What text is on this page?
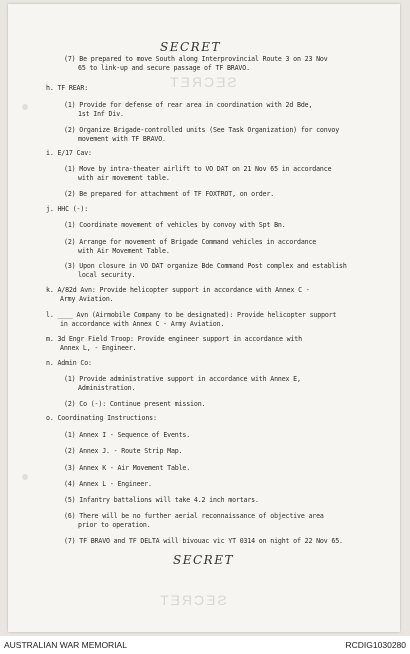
SECRET
SECRET
SECRET
(7) Be prepared to move South along Interprovincial Route 3 on 23 Nov
65 to link-up and secure passage of TF BRAVO.
h. TF REAR:
(1) Provide for defense of rear area in coordination with 2d Bde,
1st Inf Div.
(2) Organize Brigade-controlled units (See Task Organization) for convoy
movement with TF BRAVO.
i. E/17 Cav:
(1) Move by intra-theater airlift to VO DAT on 21 Nov 65 in accordance
with air movement table.
(2) Be prepared for attachment of TF FOXTROT, on order.
j. HHC (-):
(1) Coordinate movement of vehicles by convoy with Spt Bn.
(2) Arrange for movement of Brigade Command vehicles in accordance
with Air Movement Table.
(3) Upon closure in VO DAT organize Bde Command Post complex and establish
local security.
k. A/82d Avn: Provide helicopter support in accordance with Annex C -
Army Aviation.
l. ____ Avn (Airmobile Company to be designated): Provide helicopter support
in accordance with Annex C - Army Aviation.
m. 3d Engr Field Troop: Provide engineer support in accordance with
Annex L, - Engineer.
n. Admin Co:
(1) Provide administrative support in accordance with Annex E,
Administration.
(2) Co (-): Continue present mission.
o. Coordinating Instructions:
(1) Annex I - Sequence of Events.
(2) Annex J. - Route Strip Map.
(3) Annex K - Air Movement Table.
(4) Annex L - Engineer.
(5) Infantry battalions will take 4.2 inch mortars.
(6) There will be no further aerial reconnaissance of objective area
prior to operation.
(7) TF BRAVO and TF DELTA will bivouac vic YT 0314 on night of 22 Nov 65.
SECRET
AUSTRALIAN WAR MEMORIAL	RCDIG1030280
